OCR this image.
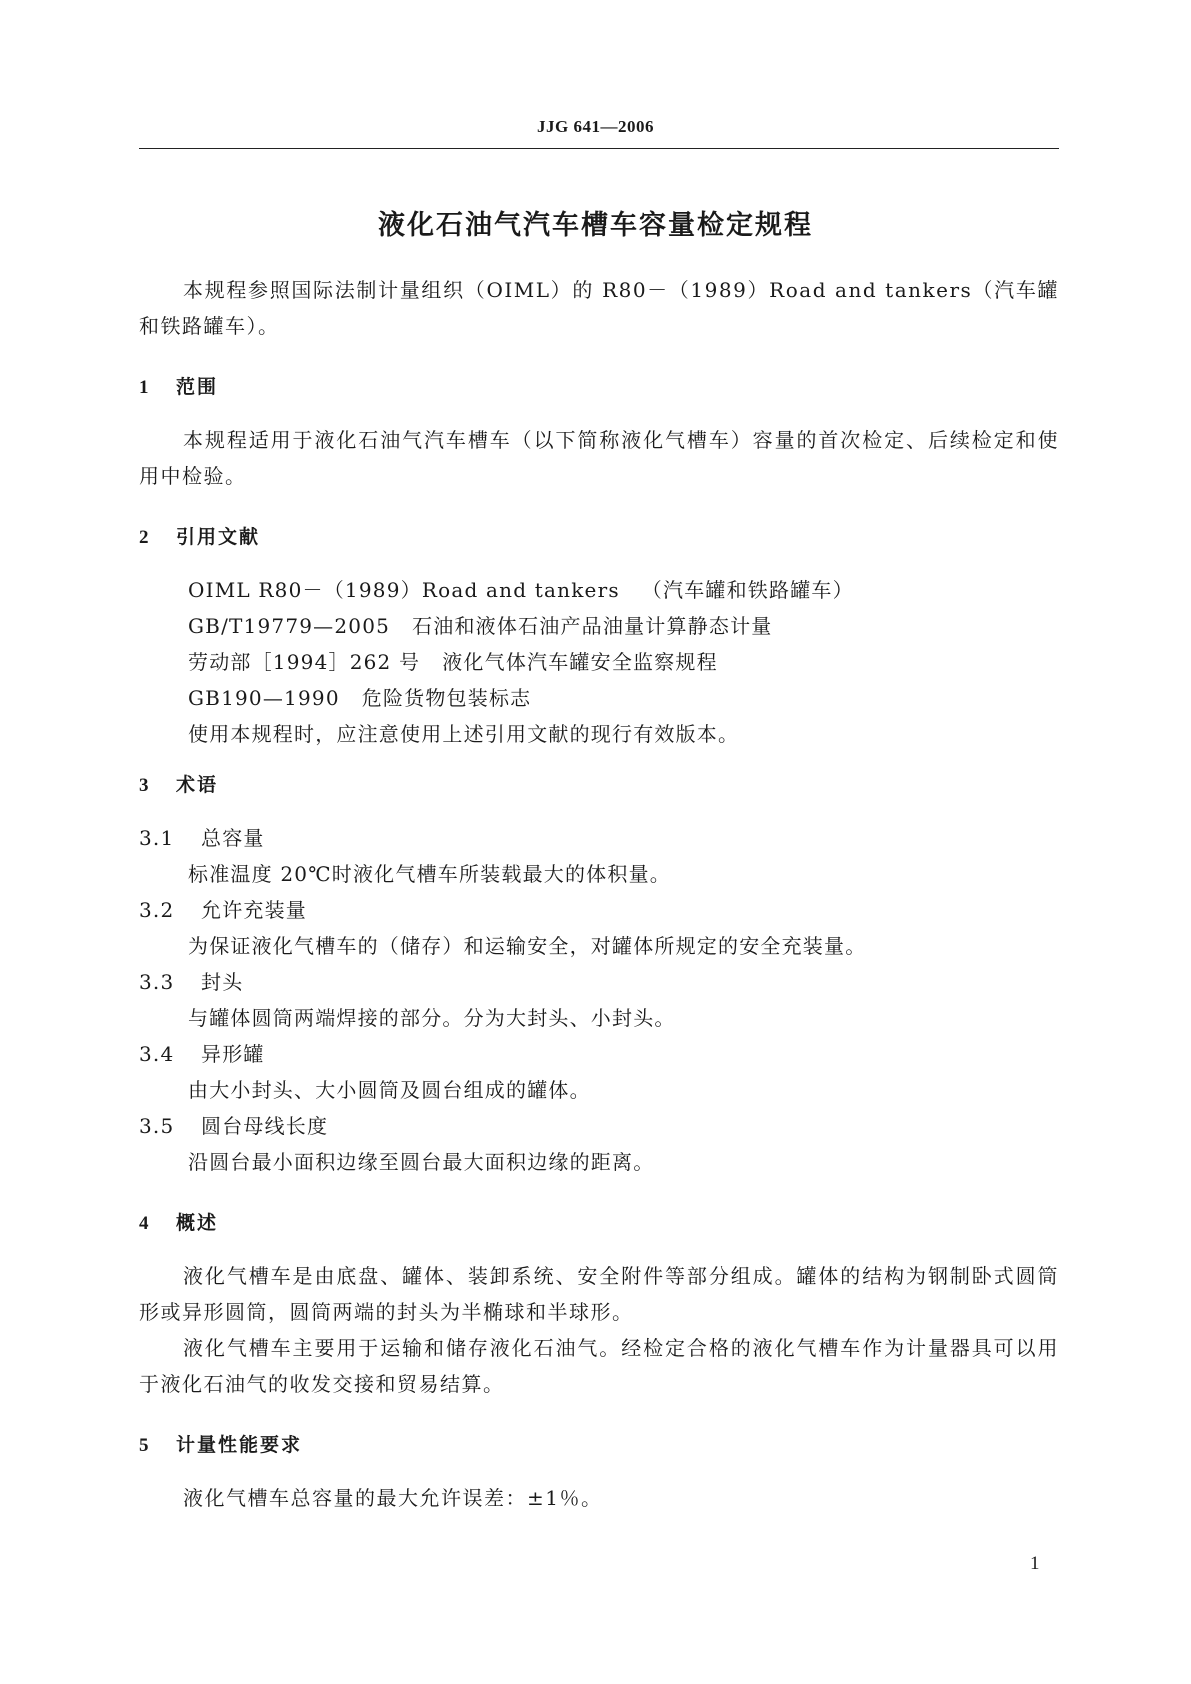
JJG 641—2006
液化石油气汽车槽车容量检定规程

本规程参照国际法制计量组织（OIML）的 R80－（1989）Road and tankers（汽车罐和铁路罐车）。

1 范围

本规程适用于液化石油气汽车槽车（以下简称液化气槽车）容量的首次检定、后续检定和使用中检验。

2 引用文献
OIML R80－（1989）Road and tankers （汽车罐和铁路罐车）
GB/T19779—2005 石油和液体石油产品油量计算静态计量
劳动部［1994］262 号 液化气体汽车罐安全监察规程
GB190—1990 危险货物包装标志
使用本规程时，应注意使用上述引用文献的现行有效版本。
3 术语
3.1 总容量
标准温度 20℃时液化气槽车所装载最大的体积量。
3.2 允许充装量
为保证液化气槽车的（储存）和运输安全，对罐体所规定的安全充装量。
3.3 封头
与罐体圆筒两端焊接的部分。分为大封头、小封头。
3.4 异形罐
由大小封头、大小圆筒及圆台组成的罐体。
3.5 圆台母线长度
沿圆台最小面积边缘至圆台最大面积边缘的距离。
4 概述

液化气槽车是由底盘、罐体、装卸系统、安全附件等部分组成。罐体的结构为钢制卧式圆筒形或异形圆筒，圆筒两端的封头为半椭球和半球形。

液化气槽车主要用于运输和储存液化石油气。经检定合格的液化气槽车作为计量器具可以用于液化石油气的收发交接和贸易结算。

5 计量性能要求

液化气槽车总容量的最大允许误差：±1％。

1
